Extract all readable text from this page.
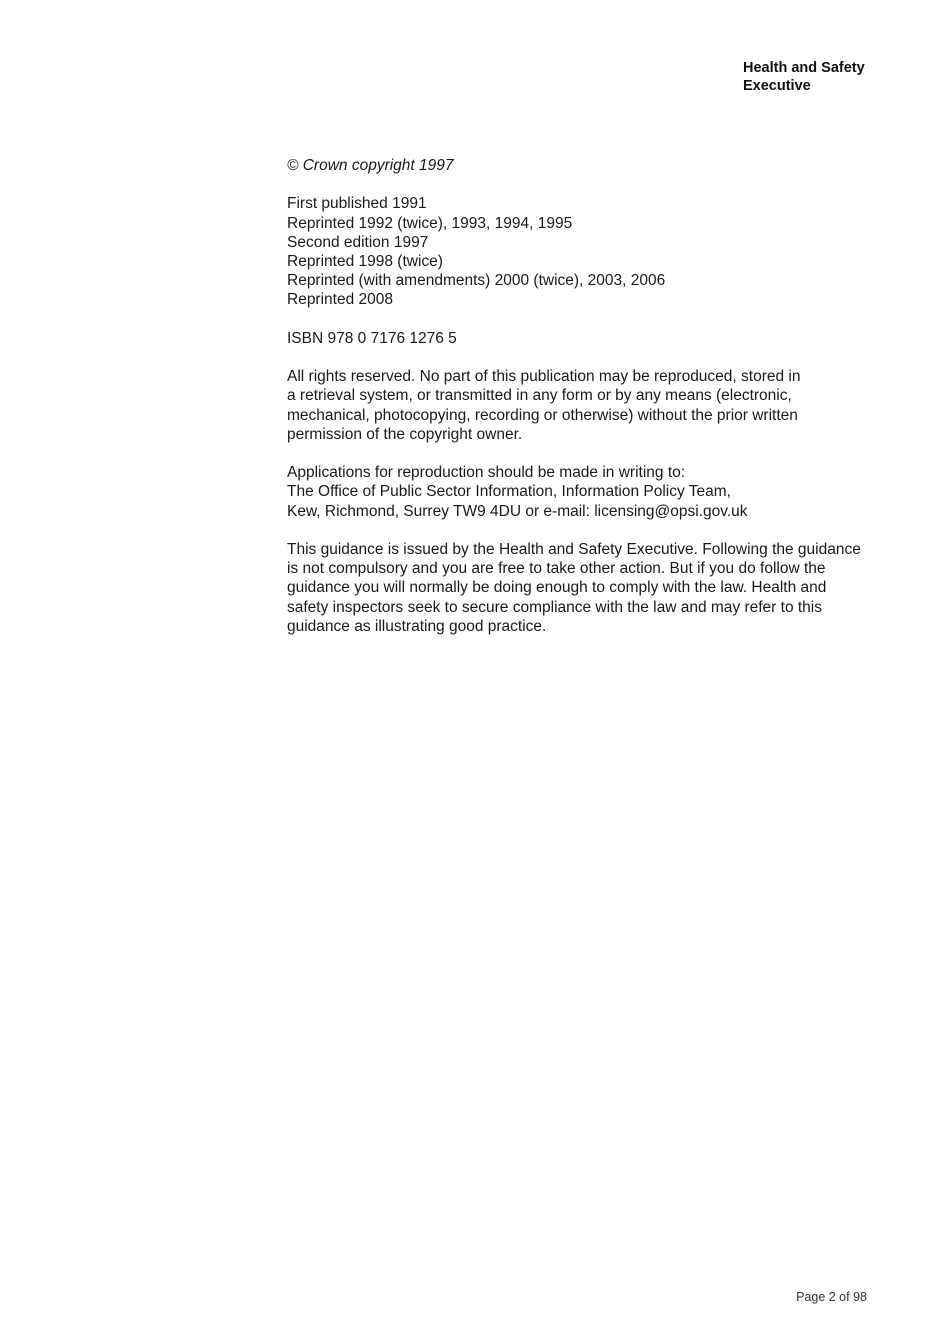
Health and Safety
Executive
© Crown copyright 1997
First published 1991
Reprinted 1992 (twice), 1993, 1994, 1995
Second edition 1997
Reprinted 1998 (twice)
Reprinted (with amendments) 2000 (twice), 2003, 2006
Reprinted 2008
ISBN 978 0 7176 1276 5
All rights reserved. No part of this publication may be reproduced, stored in
a retrieval system, or transmitted in any form or by any means (electronic,
mechanical, photocopying, recording or otherwise) without the prior written
permission of the copyright owner.
Applications for reproduction should be made in writing to:
The Office of Public Sector Information, Information Policy Team,
Kew, Richmond, Surrey TW9 4DU or e-mail: licensing@opsi.gov.uk
This guidance is issued by the Health and Safety Executive. Following the guidance
is not compulsory and you are free to take other action. But if you do follow the
guidance you will normally be doing enough to comply with the law. Health and
safety inspectors seek to secure compliance with the law and may refer to this
guidance as illustrating good practice.
Page 2 of 98
